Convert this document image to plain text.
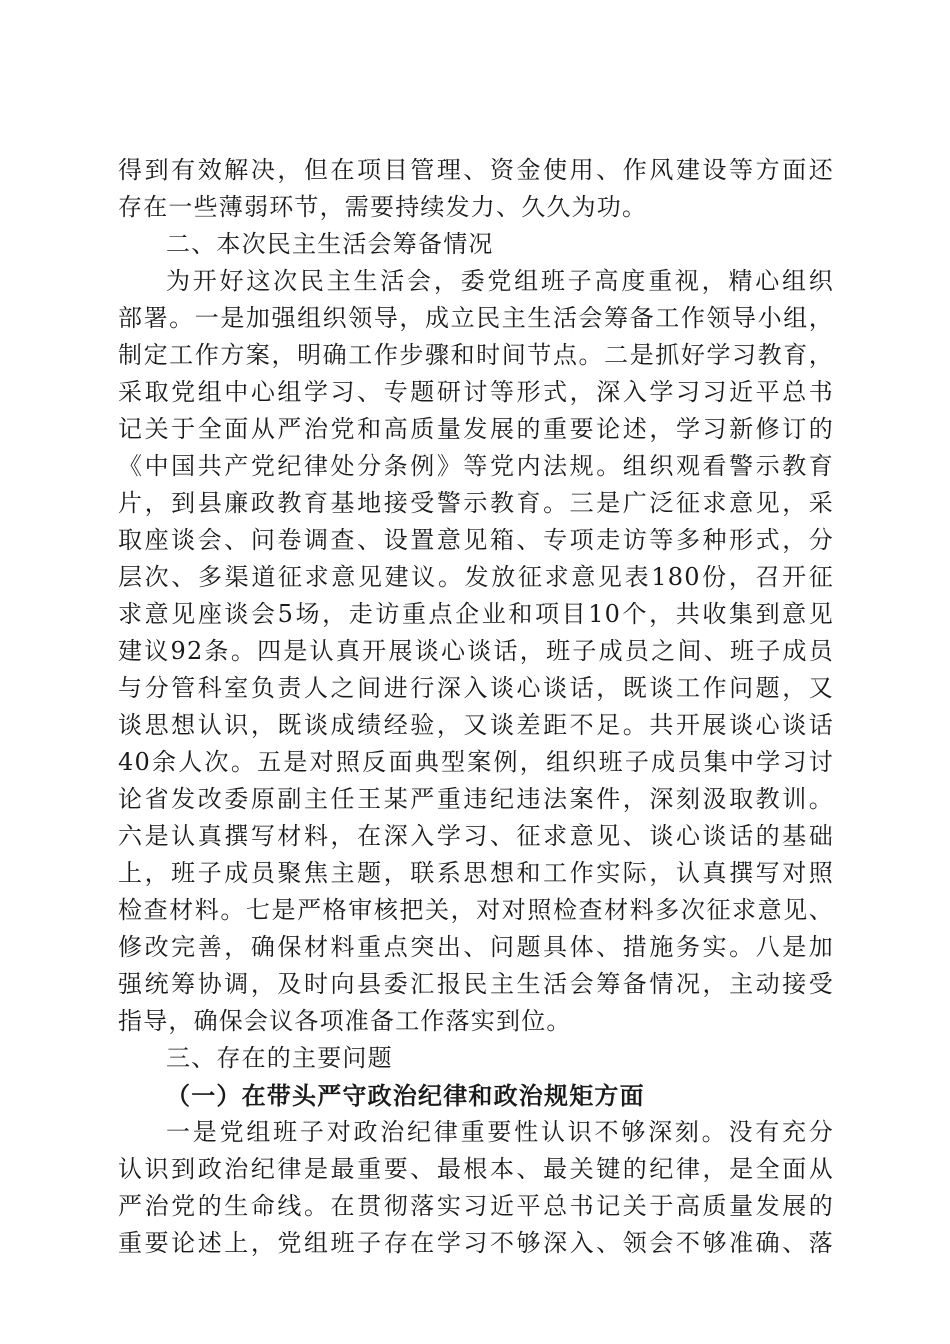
得到有效解决，但在项目管理、资金使用、作风建设等方面还
存在一些薄弱环节，需要持续发力、久久为功。

二、本次民主生活会筹备情况

为开好这次民主生活会，委党组班子高度重视，精心组织
部署。一是加强组织领导，成立民主生活会筹备工作领导小组，
制定工作方案，明确工作步骤和时间节点。二是抓好学习教育，
采取党组中心组学习、专题研讨等形式，深入学习习近平总书
记关于全面从严治党和高质量发展的重要论述，学习新修订的
《中国共产党纪律处分条例》等党内法规。组织观看警示教育
片，到县廉政教育基地接受警示教育。三是广泛征求意见，采
取座谈会、问卷调查、设置意见箱、专项走访等多种形式，分
层次、多渠道征求意见建议。发放征求意见表180份，召开征
求意见座谈会5场，走访重点企业和项目10个，共收集到意见
建议92条。四是认真开展谈心谈话，班子成员之间、班子成员
与分管科室负责人之间进行深入谈心谈话，既谈工作问题，又
谈思想认识，既谈成绩经验，又谈差距不足。共开展谈心谈话
40余人次。五是对照反面典型案例，组织班子成员集中学习讨
论省发改委原副主任王某严重违纪违法案件，深刻汲取教训。
六是认真撰写材料，在深入学习、征求意见、谈心谈话的基础
上，班子成员聚焦主题，联系思想和工作实际，认真撰写对照
检查材料。七是严格审核把关，对对照检查材料多次征求意见、
修改完善，确保材料重点突出、问题具体、措施务实。八是加
强统筹协调，及时向县委汇报民主生活会筹备情况，主动接受
指导，确保会议各项准备工作落实到位。

三、存在的主要问题

（一）在带头严守政治纪律和政治规矩方面

一是党组班子对政治纪律重要性认识不够深刻。没有充分
认识到政治纪律是最重要、最根本、最关键的纪律，是全面从
严治党的生命线。在贯彻落实习近平总书记关于高质量发展的
重要论述上，党组班子存在学习不够深入、领会不够准确、落
